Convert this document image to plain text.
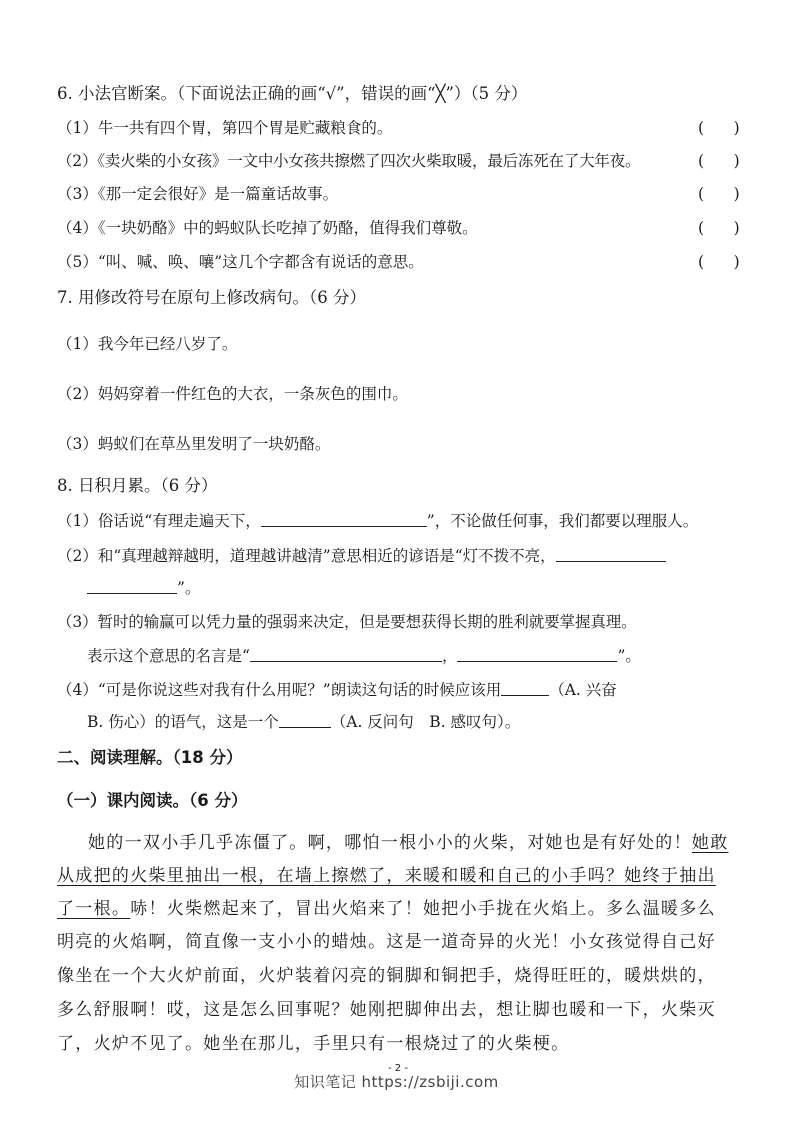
6. 小法官断案。（下面说法正确的画“√”，错误的画“╳”）（5 分）
（1）牛一共有四个胃，第四个胃是贮藏粮食的。	(      )
（2）《卖火柴的小女孩》一文中小女孩共擦燃了四次火柴取暖，最后冻死在了大年夜。	(      )
（3）《那一定会很好》是一篇童话故事。	(      )
（4）《一块奶酪》中的蚂蚁队长吃掉了奶酪，值得我们尊敬。	(      )
（5）“叫、喊、唤、嚷”这几个字都含有说话的意思。	(      )
7. 用修改符号在原句上修改病句。（6 分）
（1）我今年已经八岁了。
（2）妈妈穿着一件红色的大衣，一条灰色的围巾。
（3）蚂蚁们在草丛里发明了一块奶酪。
8. 日积月累。（6 分）
（1）俗话说“有理走遍天下，	”，不论做任何事，我们都要以理服人。
（2）和“真理越辩越明，道理越讲越清”意思相近的谚语是“灯不拨不亮，
”。
（3）暂时的输赢可以凭力量的强弱来决定，但是要想获得长期的胜利就要掌握真理。
表示这个意思的名言是“	，	”。
（4）“可是你说这些对我有什么用呢？”朗读这句话的时候应该用	（A. 兴奋
B. 伤心）的语气，这是一个	（A. 反问句　B. 感叹句）。
二、阅读理解。（18 分）
（一）课内阅读。（6 分）
她的一双小手几乎冻僵了。啊，哪怕一根小小的火柴，对她也是有好处的！她敢
从成把的火柴里抽出一根，在墙上擦燃了，来暖和暖和自己的小手吗？她终于抽出
了一根。哧！火柴燃起来了，冒出火焰来了！她把小手拢在火焰上。多么温暖多么
明亮的火焰啊，简直像一支小小的蜡烛。这是一道奇异的火光！小女孩觉得自己好
像坐在一个大火炉前面，火炉装着闪亮的铜脚和铜把手，烧得旺旺的，暖烘烘的，
多么舒服啊！哎，这是怎么回事呢？她刚把脚伸出去，想让脚也暖和一下，火柴灭
了，火炉不见了。她坐在那儿，手里只有一根烧过了的火柴梗。
- 2 -
知识笔记 https://zsbiji.com
